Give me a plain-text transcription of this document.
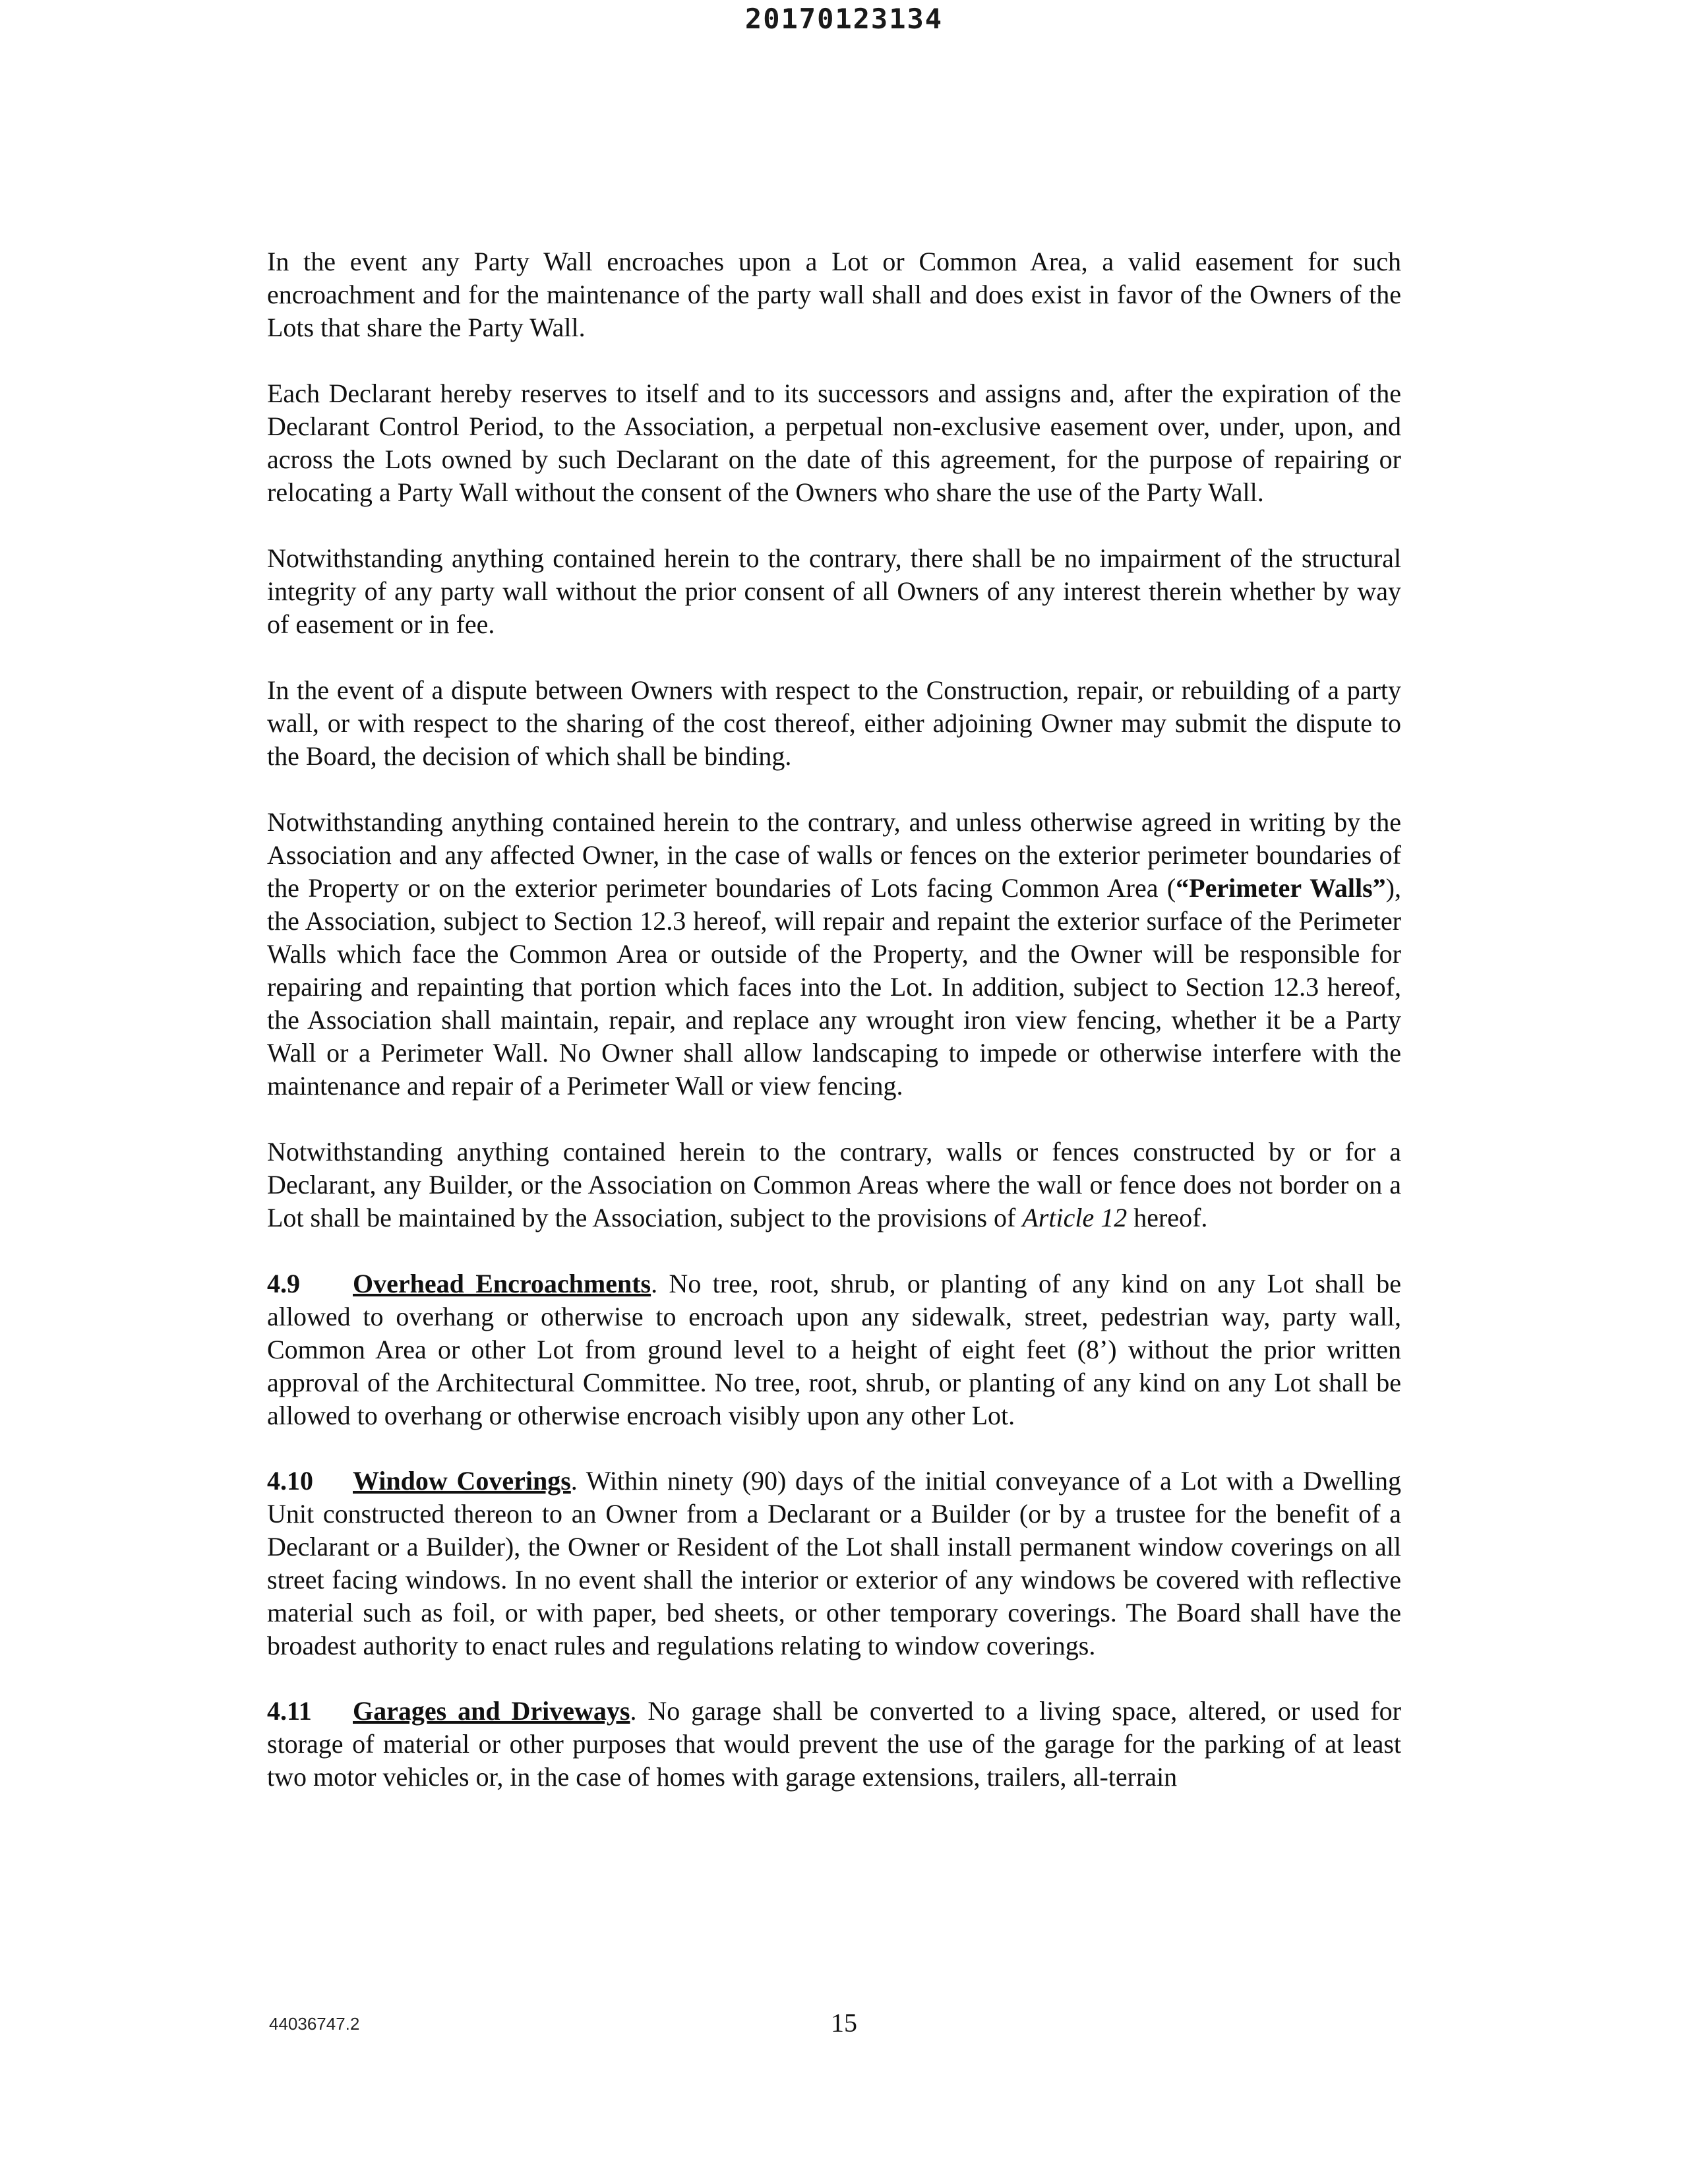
20170123134

In the event any Party Wall encroaches upon a Lot or Common Area, a valid easement for such encroachment and for the maintenance of the party wall shall and does exist in favor of the Owners of the Lots that share the Party Wall.

Each Declarant hereby reserves to itself and to its successors and assigns and, after the expiration of the Declarant Control Period, to the Association, a perpetual non-exclusive easement over, under, upon, and across the Lots owned by such Declarant on the date of this agreement, for the purpose of repairing or relocating a Party Wall without the consent of the Owners who share the use of the Party Wall.

Notwithstanding anything contained herein to the contrary, there shall be no impairment of the structural integrity of any party wall without the prior consent of all Owners of any interest therein whether by way of easement or in fee.

In the event of a dispute between Owners with respect to the Construction, repair, or rebuilding of a party wall, or with respect to the sharing of the cost thereof, either adjoining Owner may submit the dispute to the Board, the decision of which shall be binding.

Notwithstanding anything contained herein to the contrary, and unless otherwise agreed in writing by the Association and any affected Owner, in the case of walls or fences on the exterior perimeter boundaries of the Property or on the exterior perimeter boundaries of Lots facing Common Area (“Perimeter Walls”), the Association, subject to Section 12.3 hereof, will repair and repaint the exterior surface of the Perimeter Walls which face the Common Area or outside of the Property, and the Owner will be responsible for repairing and repainting that portion which faces into the Lot. In addition, subject to Section 12.3 hereof, the Association shall maintain, repair, and replace any wrought iron view fencing, whether it be a Party Wall or a Perimeter Wall. No Owner shall allow landscaping to impede or otherwise interfere with the maintenance and repair of a Perimeter Wall or view fencing.

Notwithstanding anything contained herein to the contrary, walls or fences constructed by or for a Declarant, any Builder, or the Association on Common Areas where the wall or fence does not border on a Lot shall be maintained by the Association, subject to the provisions of Article 12 hereof.

4.9 Overhead Encroachments. No tree, root, shrub, or planting of any kind on any Lot shall be allowed to overhang or otherwise to encroach upon any sidewalk, street, pedestrian way, party wall, Common Area or other Lot from ground level to a height of eight feet (8’) without the prior written approval of the Architectural Committee. No tree, root, shrub, or planting of any kind on any Lot shall be allowed to overhang or otherwise encroach visibly upon any other Lot.

4.10 Window Coverings. Within ninety (90) days of the initial conveyance of a Lot with a Dwelling Unit constructed thereon to an Owner from a Declarant or a Builder (or by a trustee for the benefit of a Declarant or a Builder), the Owner or Resident of the Lot shall install permanent window coverings on all street facing windows. In no event shall the interior or exterior of any windows be covered with reflective material such as foil, or with paper, bed sheets, or other temporary coverings. The Board shall have the broadest authority to enact rules and regulations relating to window coverings.

4.11 Garages and Driveways. No garage shall be converted to a living space, altered, or used for storage of material or other purposes that would prevent the use of the garage for the parking of at least two motor vehicles or, in the case of homes with garage extensions, trailers, all-terrain

44036747.2	15
